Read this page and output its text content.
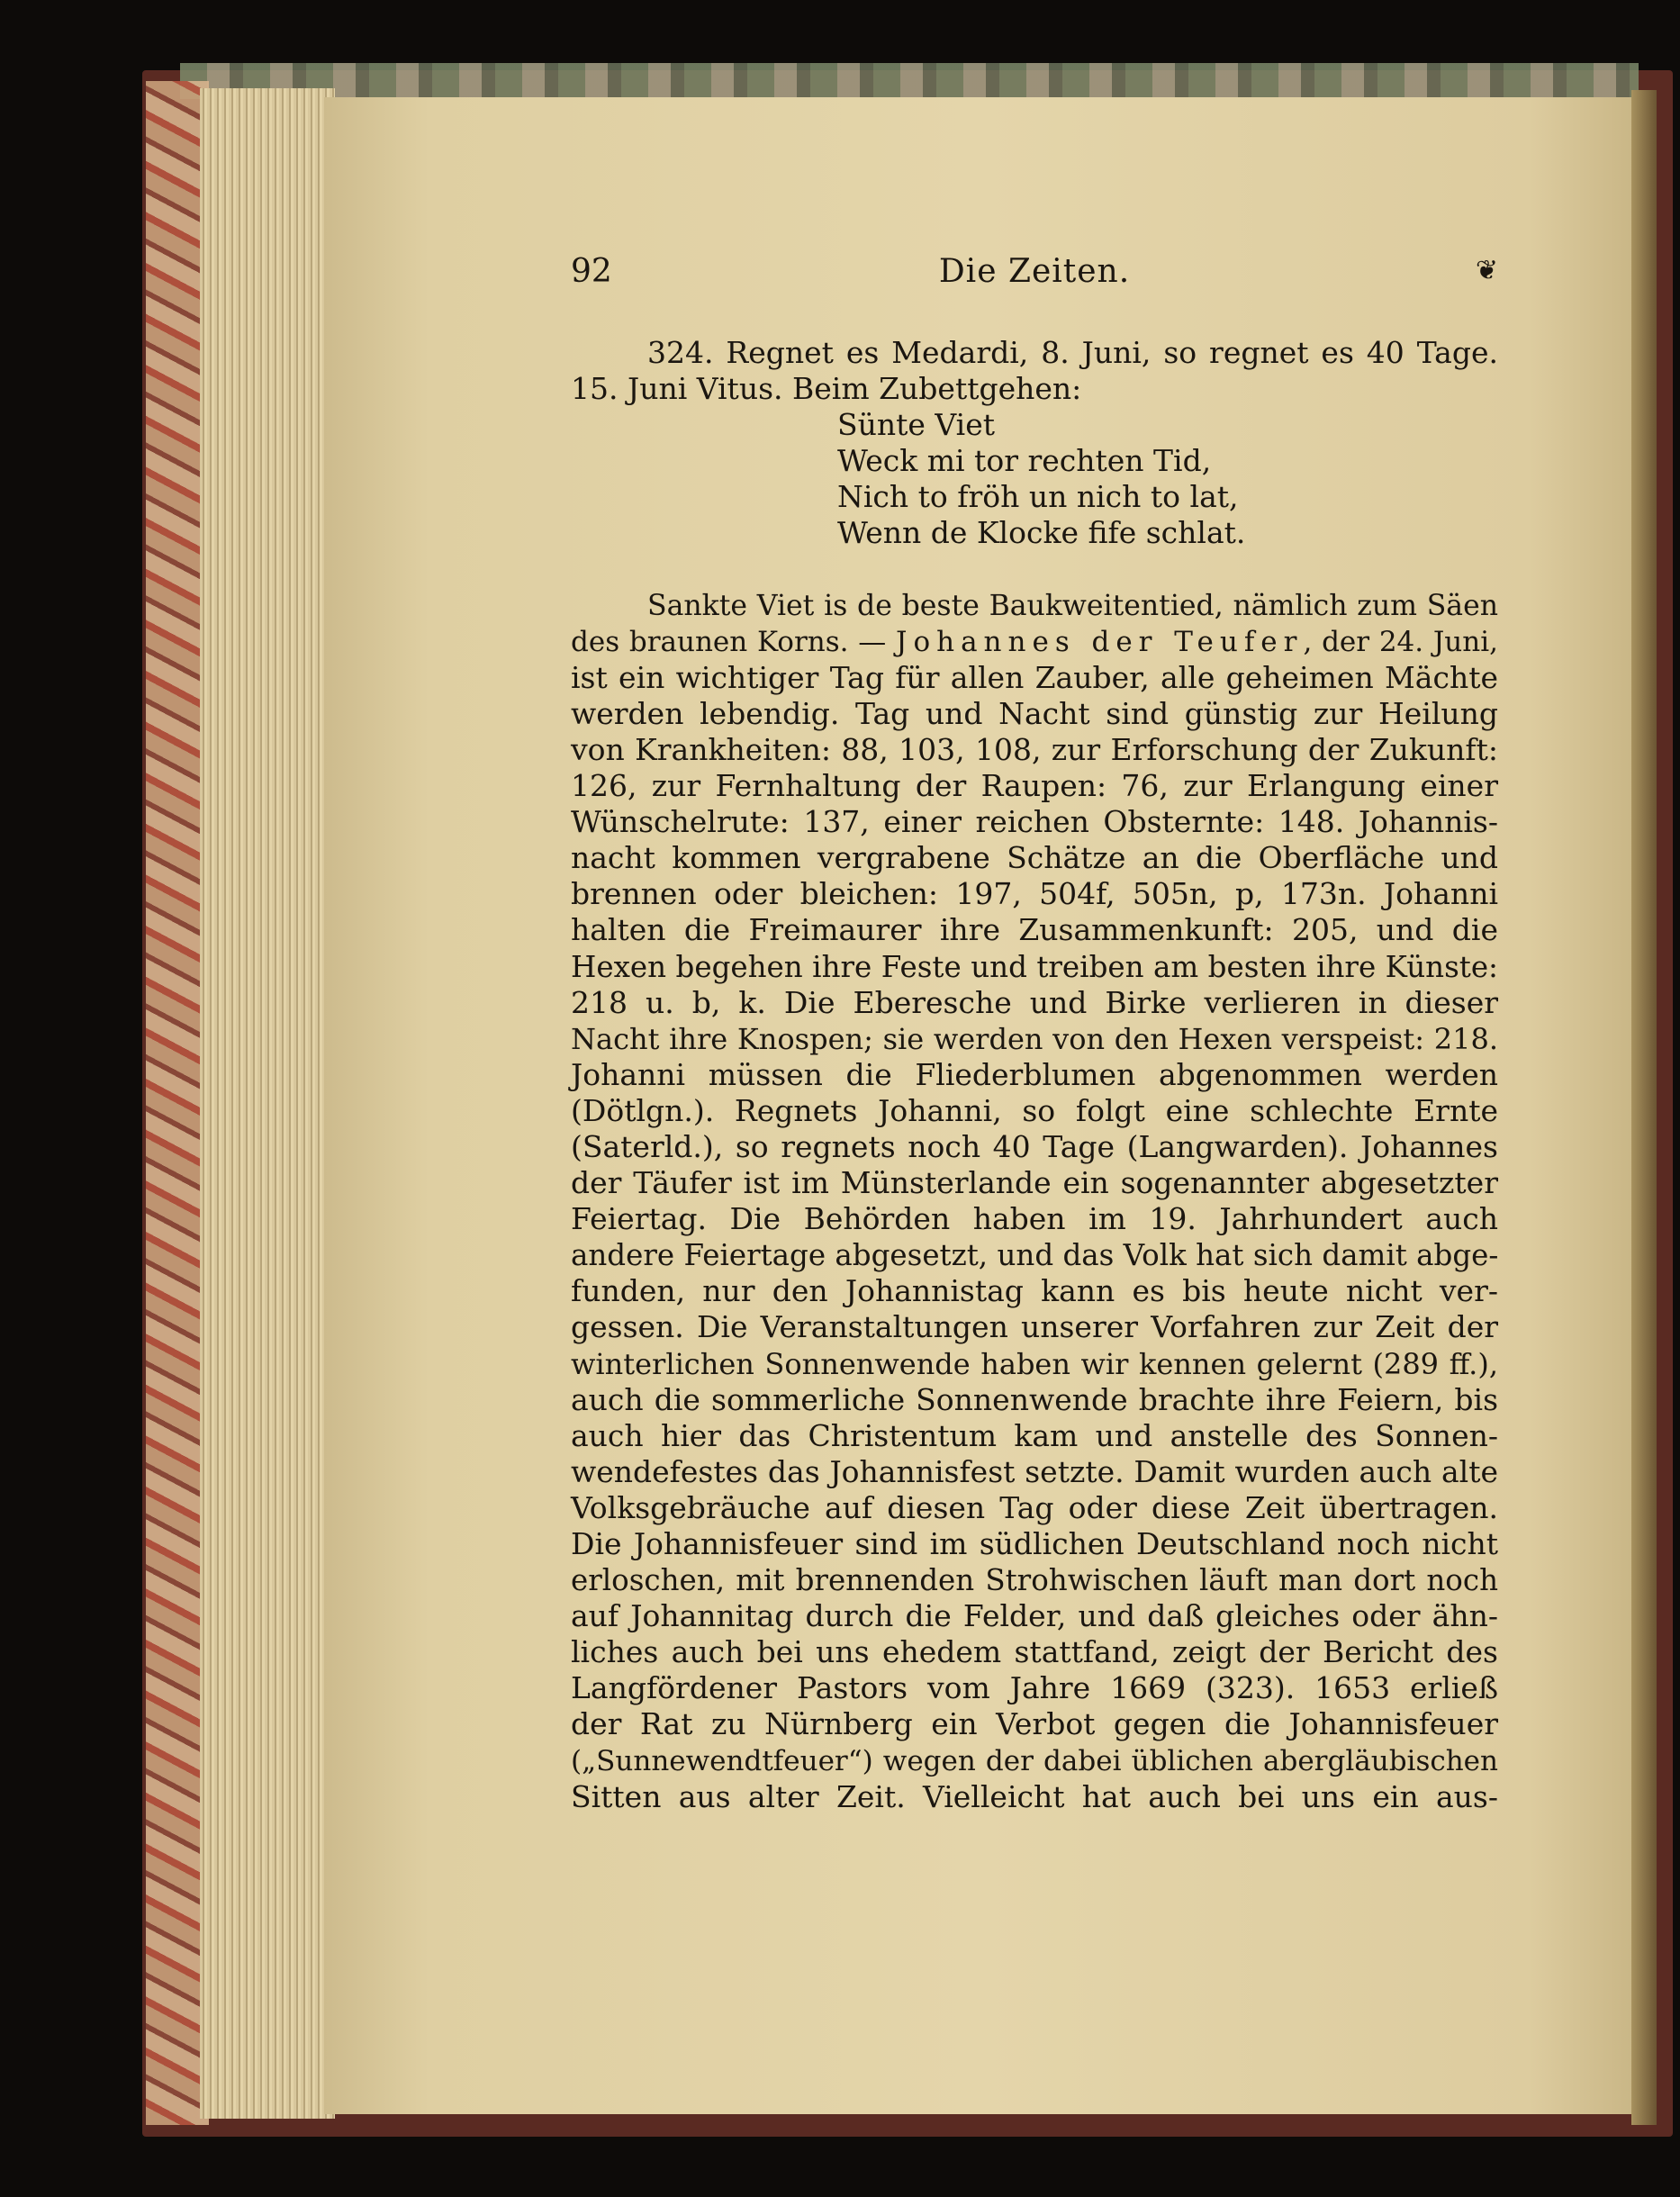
92	Die Zeiten.	❦
324. Regnet es Medardi, 8. Juni, so regnet es 40 Tage.
15. Juni Vitus. Beim Zubettgehen:
Sünte Viet
Weck mi tor rechten Tid,
Nich to fröh un nich to lat,
Wenn de Klocke fife schlat.
Sankte Viet is de beste Baukweitentied, nämlich zum Säen
des braunen Korns. — Johannes der Teufer, der 24. Juni,
ist ein wichtiger Tag für allen Zauber, alle geheimen Mächte
werden lebendig. Tag und Nacht sind günstig zur Heilung
von Krankheiten: 88, 103, 108, zur Erforschung der Zukunft:
126, zur Fernhaltung der Raupen: 76, zur Erlangung einer
Wünschelrute: 137, einer reichen Obsternte: 148. Johannis-
nacht kommen vergrabene Schätze an die Oberfläche und
brennen oder bleichen: 197, 504f, 505n, p, 173n. Johanni
halten die Freimaurer ihre Zusammenkunft: 205, und die
Hexen begehen ihre Feste und treiben am besten ihre Künste:
218 u. b, k. Die Eberesche und Birke verlieren in dieser
Nacht ihre Knospen; sie werden von den Hexen verspeist: 218.
Johanni müssen die Fliederblumen abgenommen werden
(Dötlgn.). Regnets Johanni, so folgt eine schlechte Ernte
(Saterld.), so regnets noch 40 Tage (Langwarden). Johannes
der Täufer ist im Münsterlande ein sogenannter abgesetzter
Feiertag. Die Behörden haben im 19. Jahrhundert auch
andere Feiertage abgesetzt, und das Volk hat sich damit abge-
funden, nur den Johannistag kann es bis heute nicht ver-
gessen. Die Veranstaltungen unserer Vorfahren zur Zeit der
winterlichen Sonnenwende haben wir kennen gelernt (289 ff.),
auch die sommerliche Sonnenwende brachte ihre Feiern, bis
auch hier das Christentum kam und anstelle des Sonnen-
wendefestes das Johannisfest setzte. Damit wurden auch alte
Volksgebräuche auf diesen Tag oder diese Zeit übertragen.
Die Johannisfeuer sind im südlichen Deutschland noch nicht
erloschen, mit brennenden Strohwischen läuft man dort noch
auf Johannitag durch die Felder, und daß gleiches oder ähn-
liches auch bei uns ehedem stattfand, zeigt der Bericht des
Langfördener Pastors vom Jahre 1669 (323). 1653 erließ
der Rat zu Nürnberg ein Verbot gegen die Johannisfeuer
(„Sunnewendtfeuer“) wegen der dabei üblichen abergläubischen
Sitten aus alter Zeit. Vielleicht hat auch bei uns ein aus-
